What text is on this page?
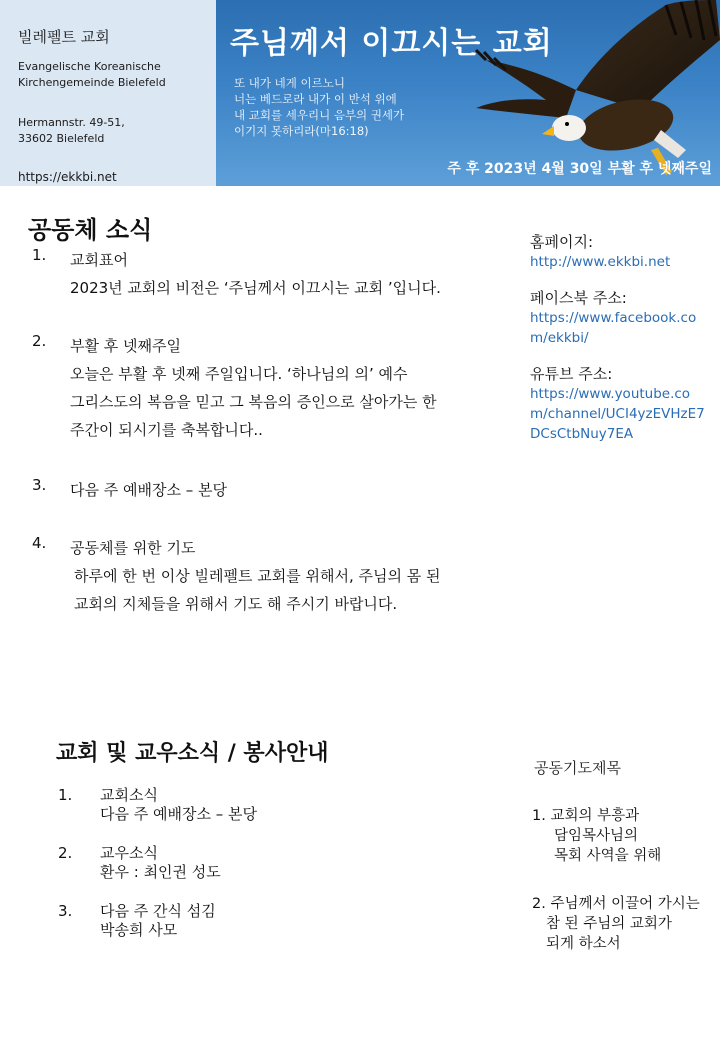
빌레펠트 교회
Evangelische Koreanische
Kirchengemeinde Bielefeld
Hermannstr. 49-51,
33602 Bielefeld
https://ekkbi.net
주님께서 이끄시는 교회
또 내가 네게 이르노니
너는 베드로라 내가 이 반석 위에
내 교회를 세우리니 음부의 권세가
이기지 못하리라(마16:18)
주 후 2023년 4월 30일 부활 후 넷째주일
공동체 소식
1. 교회표어
2023년 교회의 비전은 ‘주님께서 이끄시는 교회 ’입니다.
2. 부활 후 넷째주일
오늘은 부활 후 넷째 주일입니다. ‘하나님의 의’ 예수
그리스도의 복음을 믿고 그 복음의 증인으로 살아가는 한
주간이 되시기를 축복합니다..
3. 다음 주 예배장소 – 본당
4. 공동체를 위한 기도
하루에 한 번 이상 빌레펠트 교회를 위해서, 주님의 몸 된
교회의 지체들을 위해서 기도 해 주시기 바랍니다.
홈페이지:
http://www.ekkbi.net
페이스북 주소:
https://www.facebook.com/ekkbi/
유튜브 주소:
https://www.youtube.com/channel/UCI4yzEVHzE7DCsCtbNuy7EA
교회 및 교우소식 / 봉사안내
1. 교회소식
다음 주 예배장소 – 본당
2. 교우소식
환우 : 최인권 성도
3. 다음 주 간식 섬김
박송희 사모
공동기도제목
1. 교회의 부흥과
담임목사님의
목회 사역을 위해
2. 주님께서 이끌어 가시는
참 된 주님의 교회가
되게 하소서
